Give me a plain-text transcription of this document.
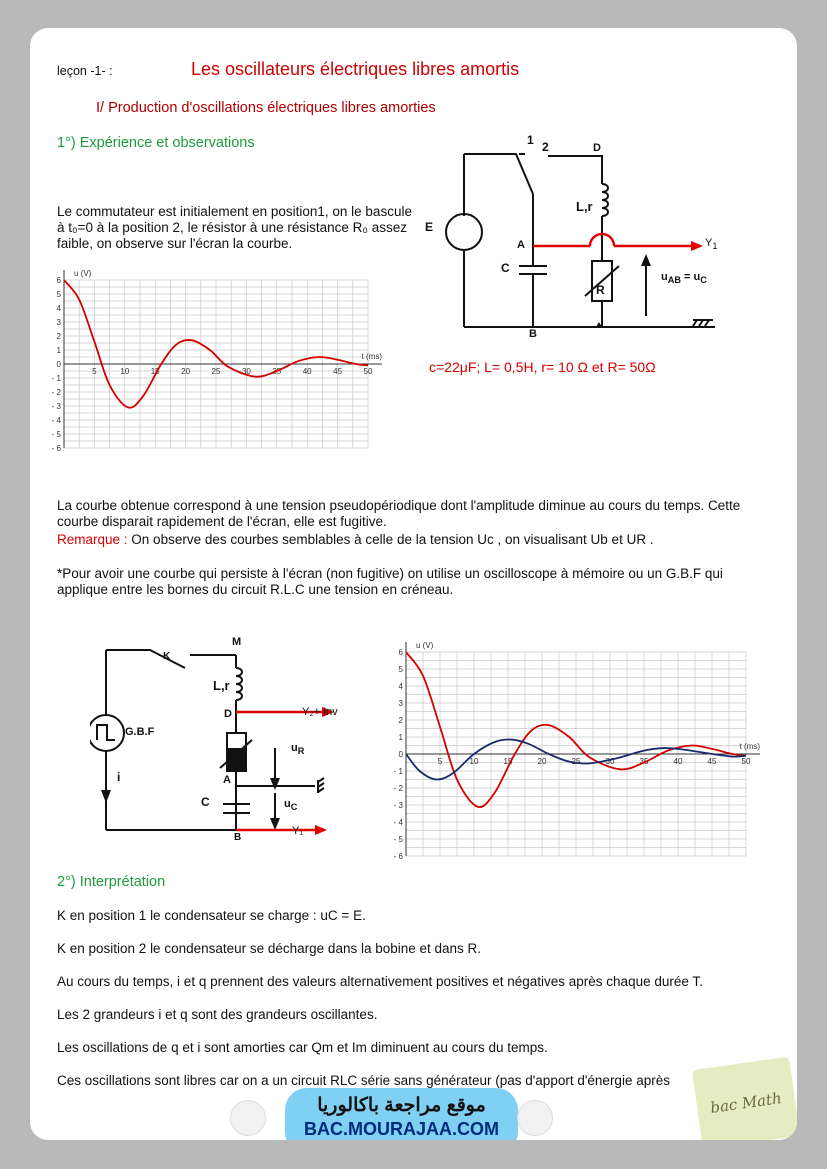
leçon -1- :	Les oscillateurs électriques libres amortis
I/ Production d'oscillations électriques libres amorties
1°) Expérience et observations
Le commutateur est initialement en position1, on le bascule à t₀=0 à la position 2, le résistor à une résistance R₀ assez faible, on observe sur l'écran la courbe.
1 2	D
E
L,r
A
C
R
B
$Y_1$
$u_{AB} = u_C$
c=22μF; L= 0,5H, r= 10 Ω et R= 50Ω
5	10	15	20	25	30	35	40	45	50
6
5
4
3
2
1
0
- 1
- 2
- 3
- 4
- 5
- 6
u (V)
t (ms)
La courbe obtenue correspond à une tension pseudopériodique dont l'amplitude diminue au cours du temps. Cette courbe disparait rapidement de l'écran, elle est fugitive.
Remarque : On observe des courbes semblables à celle de la tension Uc , on visualisant Ub et UR .
*Pour avoir une courbe qui persiste à l'écran (non fugitive) on utilise un oscilloscope à mémoire ou un G.B.F qui applique entre les bornes du circuit R.L.C une tension en créneau.
M
K
L,r
D	Y₂+ Inv
G.B.F
i
$u_R$
A
C	$u_C$
B
Y₁
5	10	15	20	25	30	35	40	45	50
6
5
4
3
2
1
0
- 1
- 2
- 3
- 4
- 5
- 6
u (V)
t (ms)
2°) Interprétation
K en position 1 le condensateur se charge : uC = E.
K en position 2 le condensateur se décharge dans la bobine et dans R.
Au cours du temps, i et q prennent des valeurs alternativement positives et négatives après chaque durée T.
Les 2 grandeurs i et q sont des grandeurs oscillantes.
Les oscillations de q et i sont amorties car Qm et Im diminuent au cours du temps.
Ces oscillations sont libres car on a un circuit RLC série sans générateur (pas d'apport d'énergie après
موقع مراجعة باكالوريا
BAC.MOURAJAA.COM
bac Math
